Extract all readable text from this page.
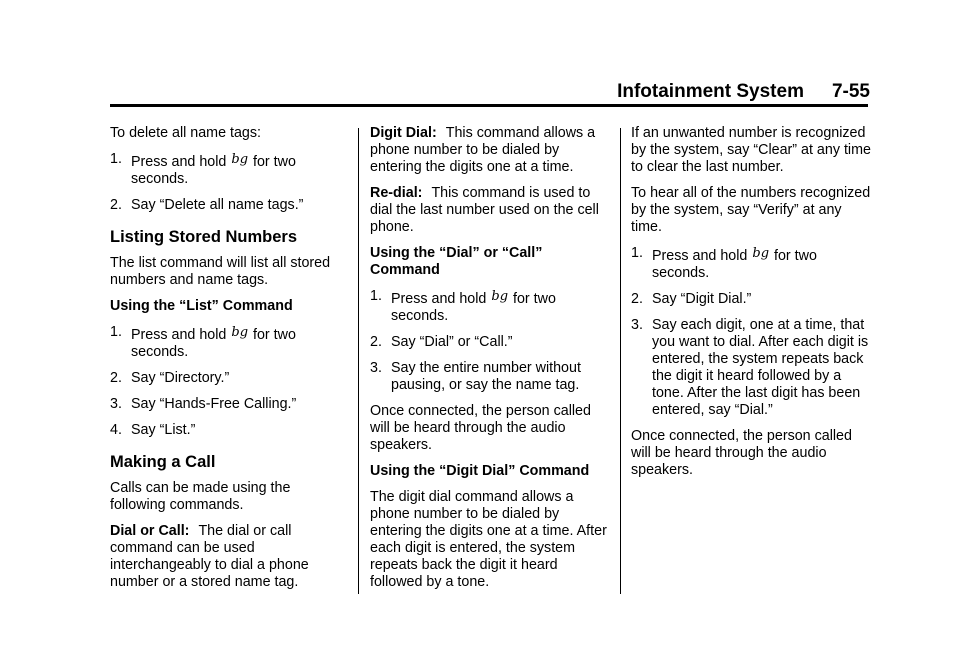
Infotainment System 7-55

To delete all name tags:

1. Press and hold bg for two seconds.
2. Say “Delete all name tags.”
Listing Stored Numbers

The list command will list all stored numbers and name tags.

Using the “List” Command

1. Press and hold bg for two seconds.
2. Say “Directory.”
3. Say “Hands-Free Calling.”
4. Say “List.”
Making a Call

Calls can be made using the following commands.

Dial or Call: The dial or call command can be used interchangeably to dial a phone number or a stored name tag.

Digit Dial: This command allows a phone number to be dialed by entering the digits one at a time.

Re-dial: This command is used to dial the last number used on the cell phone.

Using the “Dial” or “Call” Command

1. Press and hold bg for two seconds.
2. Say “Dial” or “Call.”
3. Say the entire number without pausing, or say the name tag.

Once connected, the person called will be heard through the audio speakers.

Using the “Digit Dial” Command

The digit dial command allows a phone number to be dialed by entering the digits one at a time. After each digit is entered, the system repeats back the digit it heard followed by a tone.

If an unwanted number is recognized by the system, say “Clear” at any time to clear the last number.

To hear all of the numbers recognized by the system, say “Verify” at any time.

1. Press and hold bg for two seconds.
2. Say “Digit Dial.”
3. Say each digit, one at a time, that you want to dial. After each digit is entered, the system repeats back the digit it heard followed by a tone. After the last digit has been entered, say “Dial.”

Once connected, the person called will be heard through the audio speakers.
